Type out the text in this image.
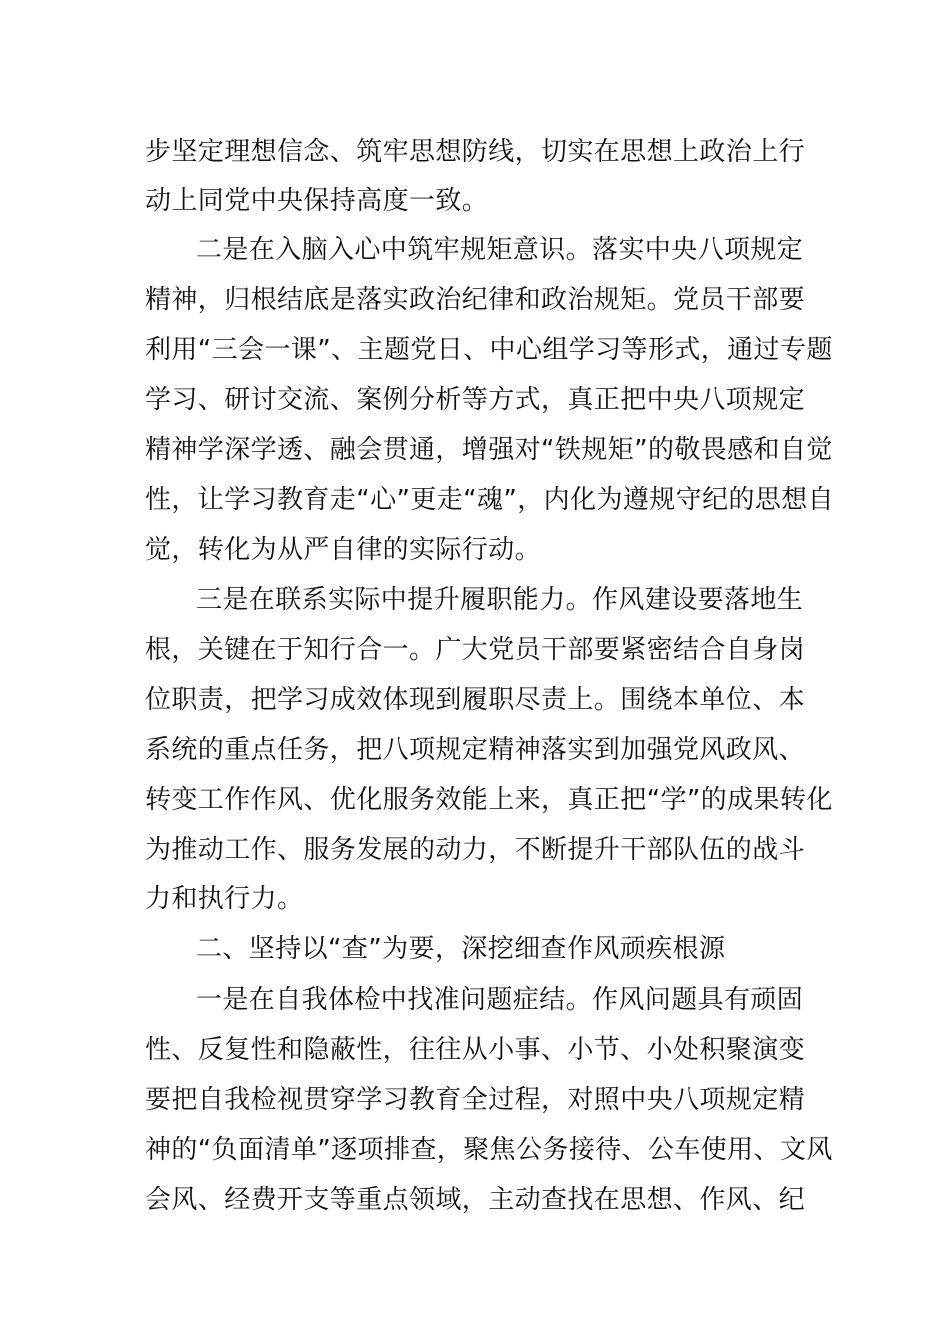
步坚定理想信念、筑牢思想防线，切实在思想上政治上行
动上同党中央保持高度一致。
二是在入脑入心中筑牢规矩意识。落实中央八项规定
精神，归根结底是落实政治纪律和政治规矩。党员干部要
利用“三会一课”、主题党日、中心组学习等形式，通过专题
学习、研讨交流、案例分析等方式，真正把中央八项规定
精神学深学透、融会贯通，增强对“铁规矩”的敬畏感和自觉
性，让学习教育走“心”更走“魂”，内化为遵规守纪的思想自
觉，转化为从严自律的实际行动。
三是在联系实际中提升履职能力。作风建设要落地生
根，关键在于知行合一。广大党员干部要紧密结合自身岗
位职责，把学习成效体现到履职尽责上。围绕本单位、本
系统的重点任务，把八项规定精神落实到加强党风政风、
转变工作作风、优化服务效能上来，真正把“学”的成果转化
为推动工作、服务发展的动力，不断提升干部队伍的战斗
力和执行力。
二、坚持以“查”为要，深挖细查作风顽疾根源
一是在自我体检中找准问题症结。作风问题具有顽固
性、反复性和隐蔽性，往往从小事、小节、小处积聚演变
要把自我检视贯穿学习教育全过程，对照中央八项规定精
神的“负面清单”逐项排查，聚焦公务接待、公车使用、文风
会风、经费开支等重点领域，主动查找在思想、作风、纪
